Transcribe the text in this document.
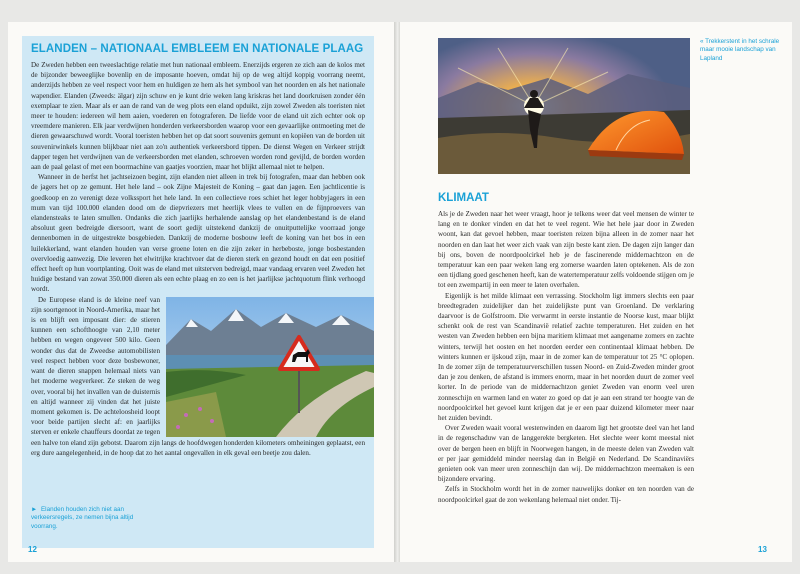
ELANDEN – NATIONAAL EMBLEEM EN NATIONALE PLAAG

De Zweden hebben een tweeslachtige relatie met hun nationaal embleem. Enerzijds ergeren ze zich aan de kolos met de bijzonder beweeglijke bovenlip en de imposante hoeven, omdat hij op de weg altijd koppig voorrang neemt, anderzijds hebben ze veel respect voor hem en huldigen ze hem als het symbool van het noorden en als het nationale wapendier. Elanden (Zweeds: älgar) zijn schuw en je kunt drie weken lang kriskras het land doorkruisen zonder één exemplaar te zien. Maar als er aan de rand van de weg plots een eland opduikt, zijn zowel Zweden als toeristen niet meer te houden: iedereen wil hem aaien, voederen en fotograferen. De liefde voor de eland uit zich echter ook op vreemdere manieren. Elk jaar verdwijnen honderden verkeersborden waarop voor een gevaarlijke ontmoeting met de dieren gewaarschuwd wordt. Vooral toeristen hebben het op dat soort souvenirs gemunt en kopiëen van de borden uit souvenirwinkels kunnen blijkbaar niet aan zo'n authentiek verkeersbord tippen. De dienst Wegen en Verkeer strijdt dapper tegen het verdwijnen van de verkeersborden met elanden, schroeven worden rond gevijld, de borden worden aan de paal gelast of met een boormachine van gaatjes voorzien, maar het blijkt allemaal niet te helpen.

Wanneer in de herfst het jachtseizoen begint, zijn elanden niet alleen in trek bij fotografen, maar dan hebben ook de jagers het op ze gemunt. Het hele land – ook Zijne Majesteit de Koning – gaat dan jagen. Een jachtlicentie is goedkoop en zo verenigt deze volkssport het hele land. In een collectieve roes schiet het leger hobbyjagers in een mum van tijd 100.000 elanden dood om de diepvriezers met heerlijk vlees te vullen en de fijnproevers van elandensteaks te laten smullen. Ondanks die zich jaarlijks herhalende aanslag op het elandenbestand is de eland absoluut geen bedreigde diersoort, want de soort gedijt uitstekend dankzij de onuitputtelijke voorraad jonge dennenbomen in de uitgestrekte bosgebieden. Dankzij de moderne bosbouw leeft de koning van het bos in een luilekkerland, want elanden houden van verse groene loten en die zijn zeker in herbeboste, jonge bosbestanden overvloedig aanwezig. Die leveren het elwitrijke krachtvoer dat de dieren sterk en gezond houdt en dat een positief effect heeft op hun voortplanting. Ooit was de eland met uitsterven bedreigd, maar vandaag ervaren veel Zweden het huidige bestand van zowat 350.000 dieren als een echte plaag en zo een is het jaarlijkse jachtquotum flink verhoogd wordt.

De Europese eland is de kleine neef van zijn soortgenoot in Noord-Amerika, maar het is en blijft een imposant dier: de stieren kunnen een schofthoogte van 2,10 meter hebben en wegen ongeveer 500 kilo. Geen wonder dus dat de Zweedse automobilisten veel respect hebben voor deze bosbewoner, want de dieren snappen helemaal niets van het moderne wegverkeer. Ze steken de weg over, vooral bij het invallen van de duisternis en altijd wanneer zij vinden dat het juiste moment gekomen is. De achteloosheid loopt voor beide partijen slecht af: en jaarlijks sterven er enkele chauffeurs doordat ze tegen een halve ton eland zijn gebotst. Daarom zijn langs de hoofdwegen honderden kilometers omheiningen geplaatst, een erg dure aangelegenheid, in de hoop dat zo het aantal ongevallen in elk geval een beetje zou dalen.

► Elanden houden zich niet aan verkeersregels, ze nemen bijna altijd voorrang.
12
« Trekkerstent in het schrale maar mooie landschap van Lapland
KLIMAAT

Als je de Zweden naar het weer vraagt, hoor je telkens weer dat veel mensen de winter te lang en te donker vinden en dat het te veel regent. Wie het hele jaar door in Zweden woont, kan dat gevoel hebben, maar toeristen reizen bijna alleen in de zomer naar het noorden en dan laat het weer zich vaak van zijn beste kant zien. De dagen zijn langer dan bij ons, boven de noordpoolcirkel heb je de fascinerende middernachtzon en de temperatuur kan een paar weken lang erg zomerse waarden laten optekenen. Als de zon een tijdlang goed geschenen heeft, kan de watertemperatuur zelfs voldoende stijgen om je tot een zwempartij in een meer te laten overhalen.

Eigenlijk is het milde klimaat een verrassing. Stockholm ligt immers slechts een paar breedtegraden zuidelijker dan het zuidelijkste punt van Groenland. De verklaring daarvoor is de Golfstroom. Die verwarmt in eerste instantie de Noorse kust, maar blijkt schenkt ook de rest van Scandinavië relatief zachte temperaturen. Het zuiden en het westen van Zweden hebben een bijna maritiem klimaat met aangename zomers en zachte winters, terwijl het oosten en het noorden eerder een continentaal klimaat hebben. De winters kunnen er ijskoud zijn, maar in de zomer kan de temperatuur tot 25 °C oplopen. In de zomer zijn de temperatuurverschillen tussen Noord- en Zuid-Zweden minder groot dan je zou denken, de afstand is immers enorm, maar in het noorden duurt de zomer veel korter. In de periode van de middernachtzon geniet Zweden van enorm veel uren zonneschijn en warmen land en water zo goed op dat je aan een strand ter hoogte van de noordpoolcirkel het gevoel kunt krijgen dat je er een paar duizend kilometer meer naar het zuiden bevindt.

Over Zweden waait vooral westenwinden en daarom ligt het grootste deel van het land in de regenschaduw van de langgerekte bergketen. Het slechte weer komt meestal niet over de bergen heen en blijft in Noorwegen hangen, in de meeste delen van Zweden valt er per jaar gemiddeld minder neerslag dan in België en Nederland. De Scandinaviërs genieten ook van meer uren zonneschijn dan wij. De middernachtzon meemaken is een bijzondere ervaring.

Zelfs in Stockholm wordt het in de zomer nauwelijks donker en ten noorden van de noordpoolcirkel gaat de zon wekenlang helemaal niet onder. Tij-

13
